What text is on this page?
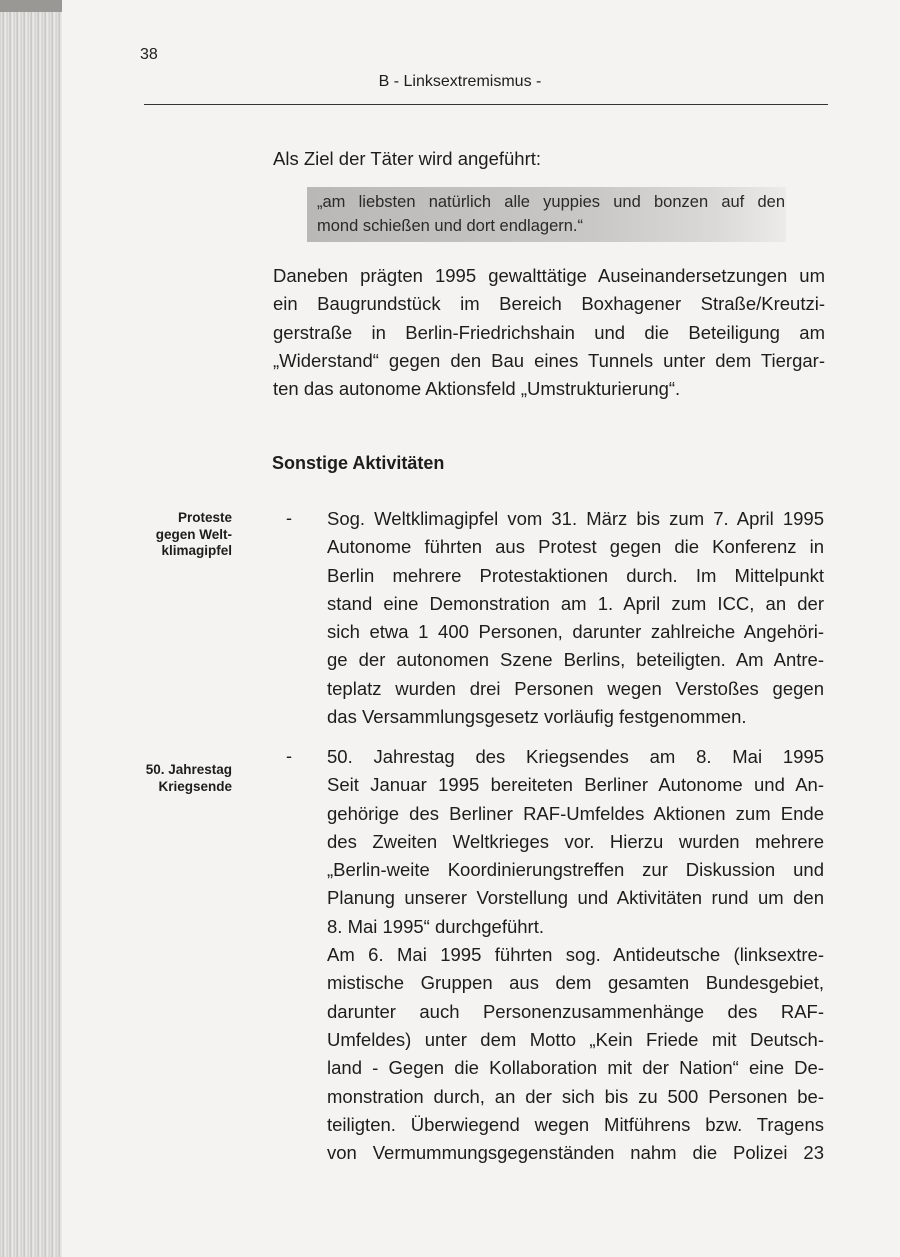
38
B - Linksextremismus -
Als Ziel der Täter wird angeführt:
„am liebsten natürlich alle yuppies und bonzen auf den
mond schießen und dort endlagern.“
Daneben prägten 1995 gewalttätige Auseinandersetzungen um
ein Baugrundstück im Bereich Boxhagener Straße/Kreutzi-
gerstraße in Berlin-Friedrichshain und die Beteiligung am
„Widerstand“ gegen den Bau eines Tunnels unter dem Tiergar-
ten das autonome Aktionsfeld „Umstrukturierung“.
Sonstige Aktivitäten
Proteste
gegen Welt-
klimagipfel
- Sog. Weltklimagipfel vom 31. März bis zum 7. April 1995
Autonome führten aus Protest gegen die Konferenz in
Berlin mehrere Protestaktionen durch. Im Mittelpunkt
stand eine Demonstration am 1. April zum ICC, an der
sich etwa 1 400 Personen, darunter zahlreiche Angehöri-
ge der autonomen Szene Berlins, beteiligten. Am Antre-
teplatz wurden drei Personen wegen Verstoßes gegen
das Versammlungsgesetz vorläufig festgenommen.
50. Jahrestag
Kriegsende
- 50. Jahrestag des Kriegsendes am 8. Mai 1995
Seit Januar 1995 bereiteten Berliner Autonome und An-
gehörige des Berliner RAF-Umfeldes Aktionen zum Ende
des Zweiten Weltkrieges vor. Hierzu wurden mehrere
„Berlin-weite Koordinierungstreffen zur Diskussion und
Planung unserer Vorstellung und Aktivitäten rund um den
8. Mai 1995“ durchgeführt.
Am 6. Mai 1995 führten sog. Antideutsche (linksextre-
mistische Gruppen aus dem gesamten Bundesgebiet,
darunter auch Personenzusammenhänge des RAF-
Umfeldes) unter dem Motto „Kein Friede mit Deutsch-
land - Gegen die Kollaboration mit der Nation“ eine De-
monstration durch, an der sich bis zu 500 Personen be-
teiligten. Überwiegend wegen Mitführens bzw. Tragens
von Vermummungsgegenständen nahm die Polizei 23
